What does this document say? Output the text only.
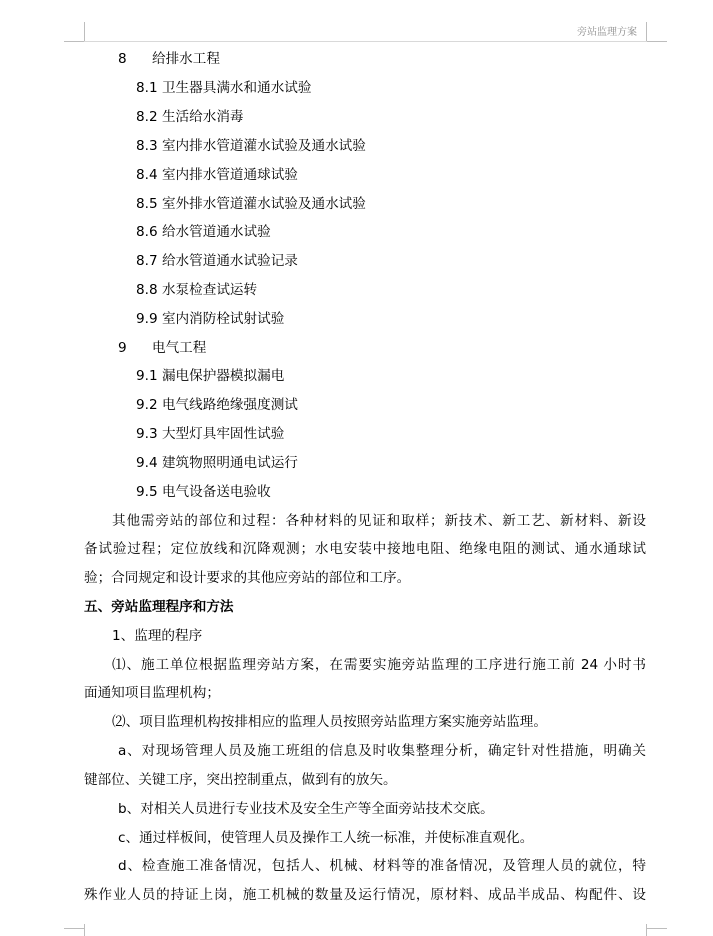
旁站监理方案
8 给排水工程
8.1 卫生器具满水和通水试验
8.2 生活给水消毒
8.3 室内排水管道灌水试验及通水试验
8.4 室内排水管道通球试验
8.5 室外排水管道灌水试验及通水试验
8.6 给水管道通水试验
8.7 给水管道通水试验记录
8.8 水泵检查试运转
9.9 室内消防栓试射试验
9 电气工程
9.1 漏电保护器模拟漏电
9.2 电气线路绝缘强度测试
9.3 大型灯具牢固性试验
9.4 建筑物照明通电试运行
9.5 电气设备送电验收
其他需旁站的部位和过程：各种材料的见证和取样；新技术、新工艺、新材料、新设
备试验过程；定位放线和沉降观测；水电安装中接地电阻、绝缘电阻的测试、通水通球试
验；合同规定和设计要求的其他应旁站的部位和工序。
五、旁站监理程序和方法
1、监理的程序
⑴、施工单位根据监理旁站方案，在需要实施旁站监理的工序进行施工前 24 小时书
面通知项目监理机构；
⑵、项目监理机构按排相应的监理人员按照旁站监理方案实施旁站监理。
a、对现场管理人员及施工班组的信息及时收集整理分析，确定针对性措施，明确关
键部位、关键工序，突出控制重点，做到有的放矢。
b、对相关人员进行专业技术及安全生产等全面旁站技术交底。
c、通过样板间，使管理人员及操作工人统一标准，并使标准直观化。
d、检查施工准备情况，包括人、机械、材料等的准备情况，及管理人员的就位，特
殊作业人员的持证上岗，施工机械的数量及运行情况，原材料、成品半成品、构配件、设
